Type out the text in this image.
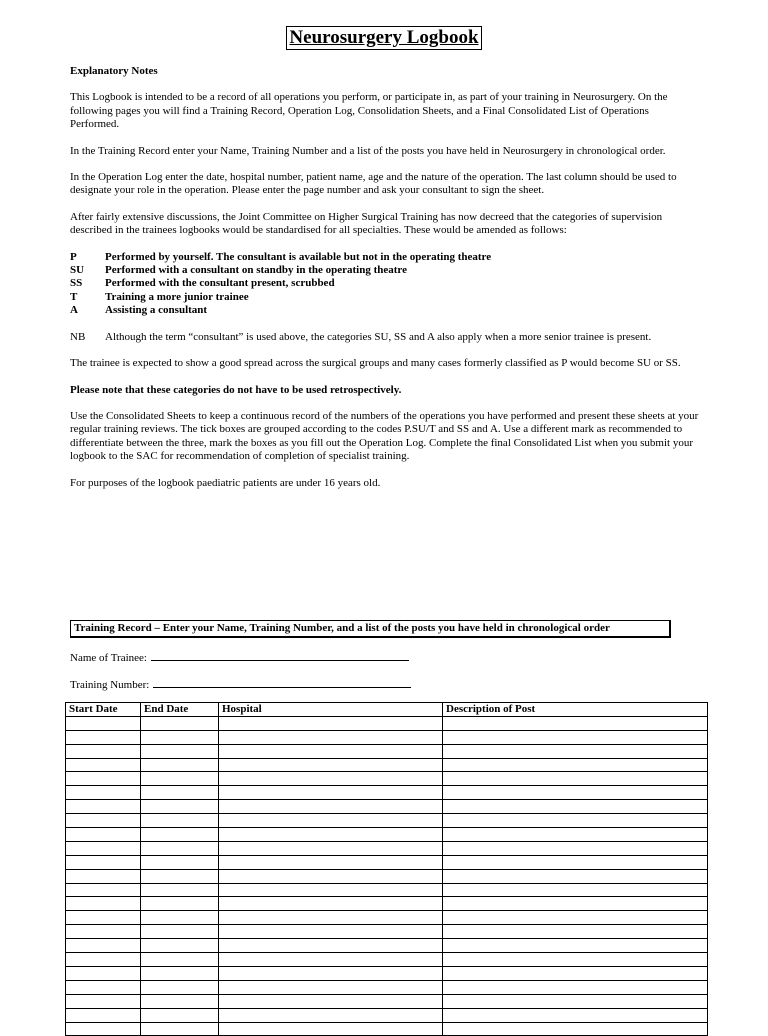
Neurosurgery Logbook
Explanatory Notes

This Logbook is intended to be a record of all operations you perform, or participate in, as part of your training in Neurosurgery. On the following pages you will find a Training Record, Operation Log, Consolidation Sheets, and a Final Consolidated List of Operations Performed.

In the Training Record enter your Name, Training Number and a list of the posts you have held in Neurosurgery in chronological order.

In the Operation Log enter the date, hospital number, patient name, age and the nature of the operation. The last column should be used to designate your role in the operation. Please enter the page number and ask your consultant to sign the sheet.

After fairly extensive discussions, the Joint Committee on Higher Surgical Training has now decreed that the categories of supervision described in the trainees logbooks would be standardised for all specialties. These would be amended as follows:

P	Performed by yourself. The consultant is available but not in the operating theatre
SU	Performed with a consultant on standby in the operating theatre
SS	Performed with the consultant present, scrubbed
T	Training a more junior trainee
A	Assisting a consultant
NB	Although the term “consultant” is used above, the categories SU, SS and A also apply when a more senior trainee is present.

The trainee is expected to show a good spread across the surgical groups and many cases formerly classified as P would become SU or SS.

Please note that these categories do not have to be used retrospectively.

Use the Consolidated Sheets to keep a continuous record of the numbers of the operations you have performed and present these sheets at your regular training reviews. The tick boxes are grouped according to the codes P.SU/T and SS and A. Use a different mark as recommended to differentiate between the three, mark the boxes as you fill out the Operation Log. Complete the final Consolidated List when you submit your logbook to the SAC for recommendation of completion of specialist training.

For purposes of the logbook paediatric patients are under 16 years old.

Training Record – Enter your Name, Training Number, and a list of the posts you have held in chronological order
Name of Trainee:
Training Number:
Start Date	End Date	Hospital	Description of Post
